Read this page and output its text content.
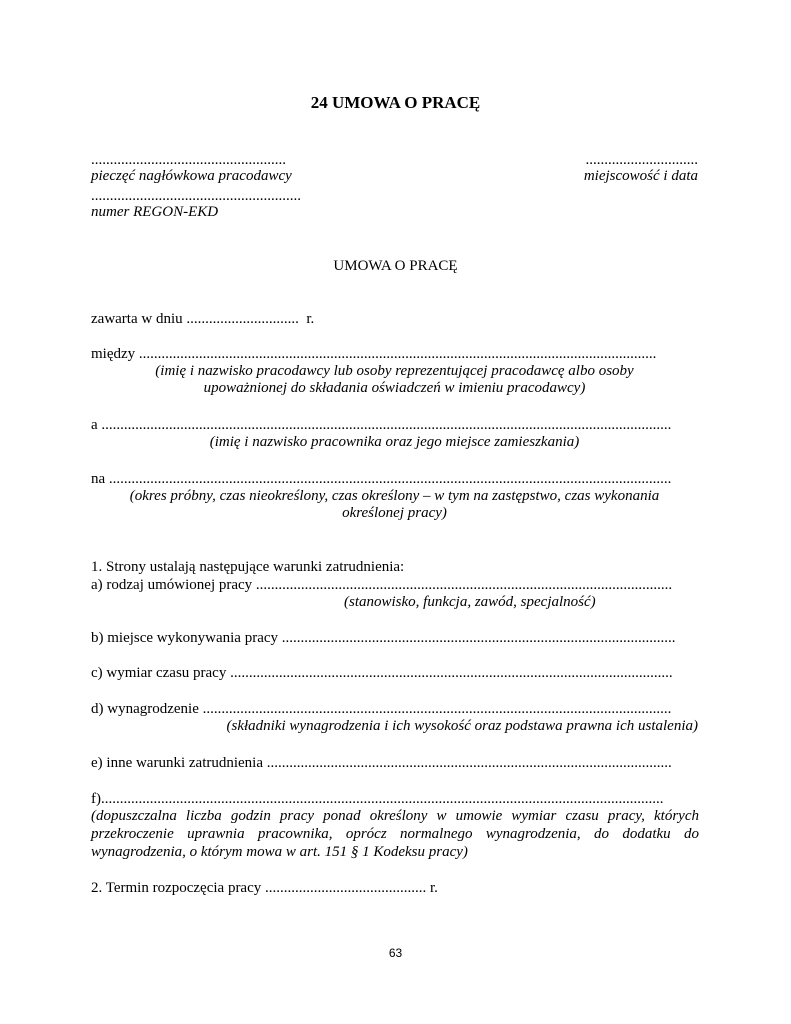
24 UMOWA O PRACĘ
....................................................
pieczęć nagłówkowa pracodawcy
........................................................
numer REGON-EKD
..............................
miejscowość i data
UMOWA O PRACĘ
zawarta w dniu ..............................  r.
między ..........................................................................................................................................
(imię i nazwisko pracodawcy lub osoby reprezentującej pracodawcę albo osoby
upoważnionej do składania oświadczeń w imieniu pracodawcy)
a ........................................................................................................................................................
(imię i nazwisko pracownika oraz jego miejsce zamieszkania)
na ......................................................................................................................................................
(okres próbny, czas nieokreślony, czas określony – w tym na zastępstwo, czas wykonania
określonej pracy)
1. Strony ustalają następujące warunki zatrudnienia:
a) rodzaj umówionej pracy ...............................................................................................................
(stanowisko, funkcja, zawód, specjalność)
b) miejsce wykonywania pracy .........................................................................................................
c) wymiar czasu pracy ......................................................................................................................
d) wynagrodzenie .............................................................................................................................
(składniki wynagrodzenia i ich wysokość oraz podstawa prawna ich ustalenia)
e) inne warunki zatrudnienia ............................................................................................................
f)......................................................................................................................................................
(dopuszczalna liczba godzin pracy ponad określony w umowie wymiar czasu pracy, których
przekroczenie uprawnia pracownika, oprócz normalnego wynagrodzenia, do dodatku do
wynagrodzenia, o którym mowa w art. 151 § 1 Kodeksu pracy)
2. Termin rozpoczęcia pracy ........................................... r.
63
